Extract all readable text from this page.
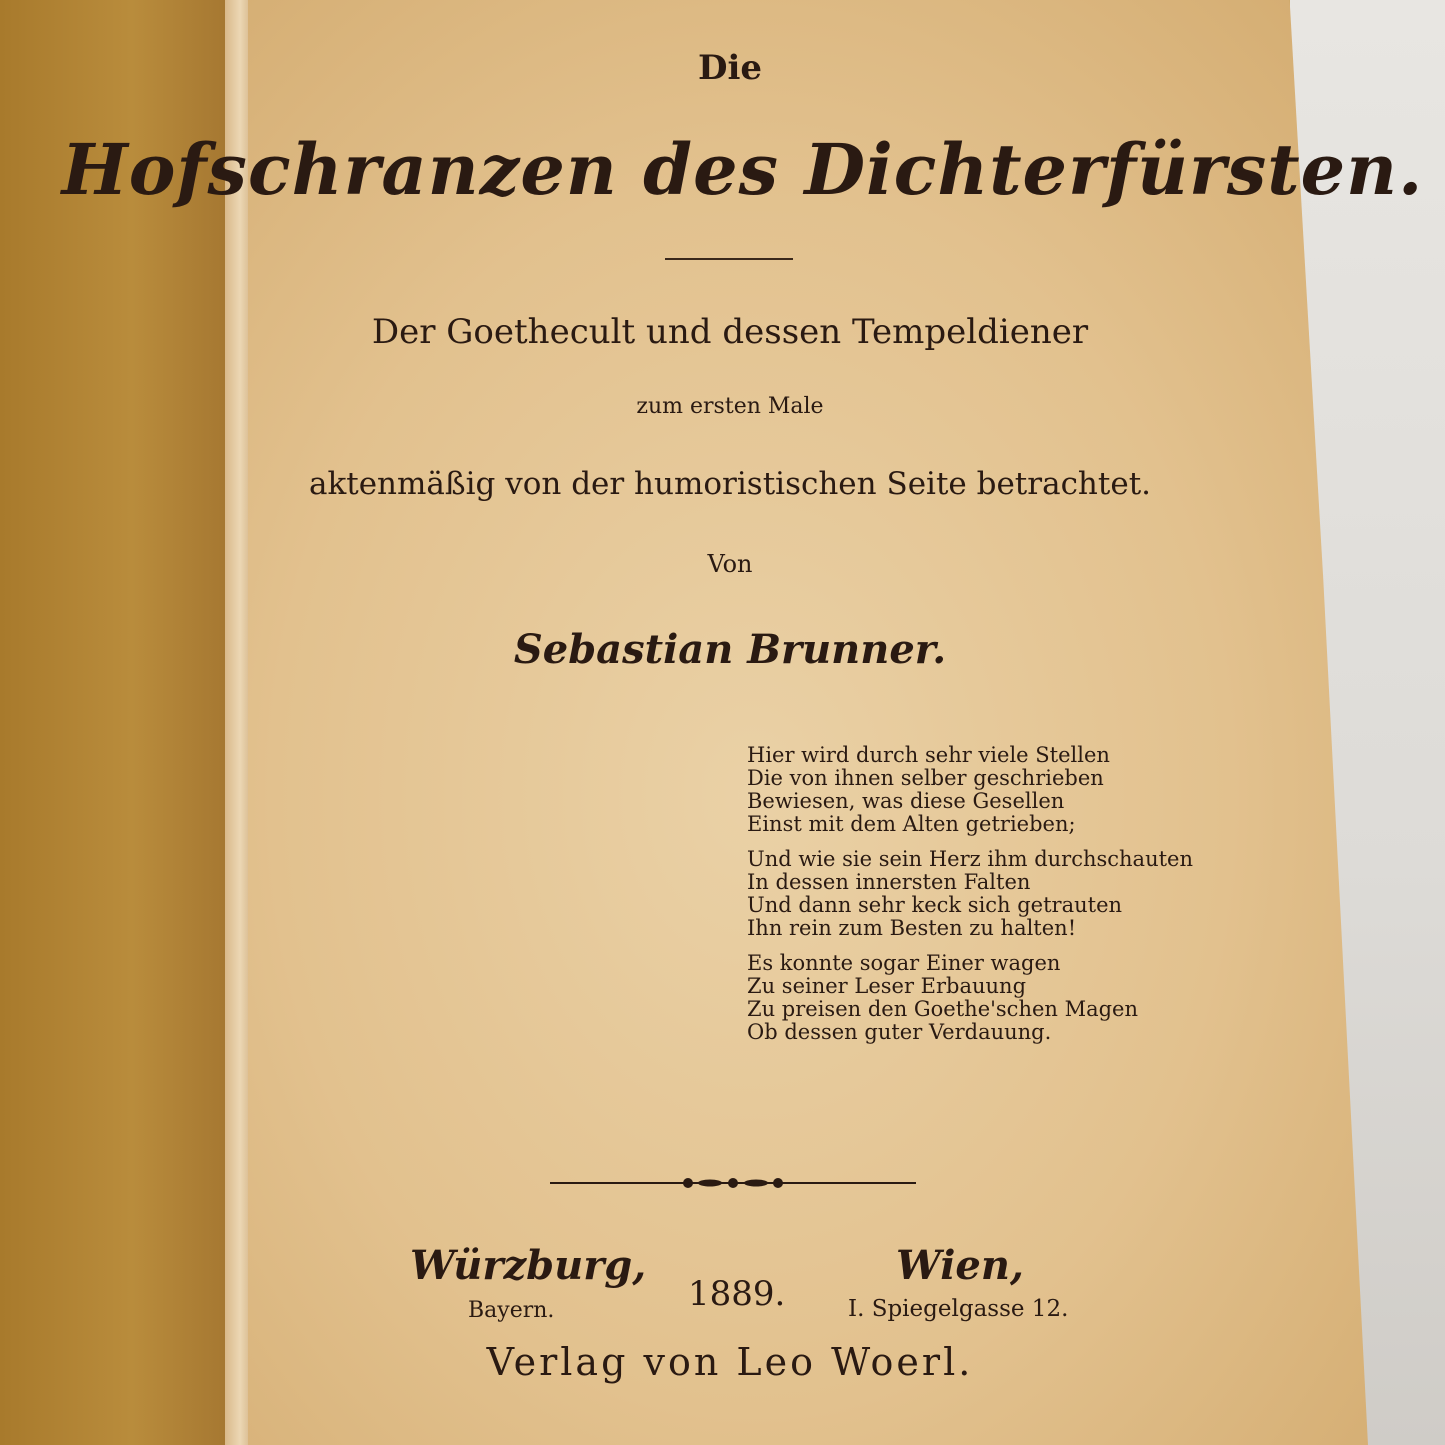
Die
Hofschranzen des Dichterfürsten.
Der Goethecult und dessen Tempeldiener
zum ersten Male
aktenmäßig von der humoristischen Seite betrachtet.
Von
Sebastian Brunner.
Hier wird durch sehr viele Stellen
Die von ihnen selber geschrieben
Bewiesen, was diese Gesellen
Einst mit dem Alten getrieben;
Und wie sie sein Herz ihm durchschauten
In dessen innersten Falten
Und dann sehr keck sich getrauten
Ihn rein zum Besten zu halten!
Es konnte sogar Einer wagen
Zu seiner Leser Erbauung
Zu preisen den Goethe'schen Magen
Ob dessen guter Verdauung.
Würzburg,
Bayern.	1889.
Wien,
I. Spiegelgasse 12.
Verlag von Leo Woerl.
